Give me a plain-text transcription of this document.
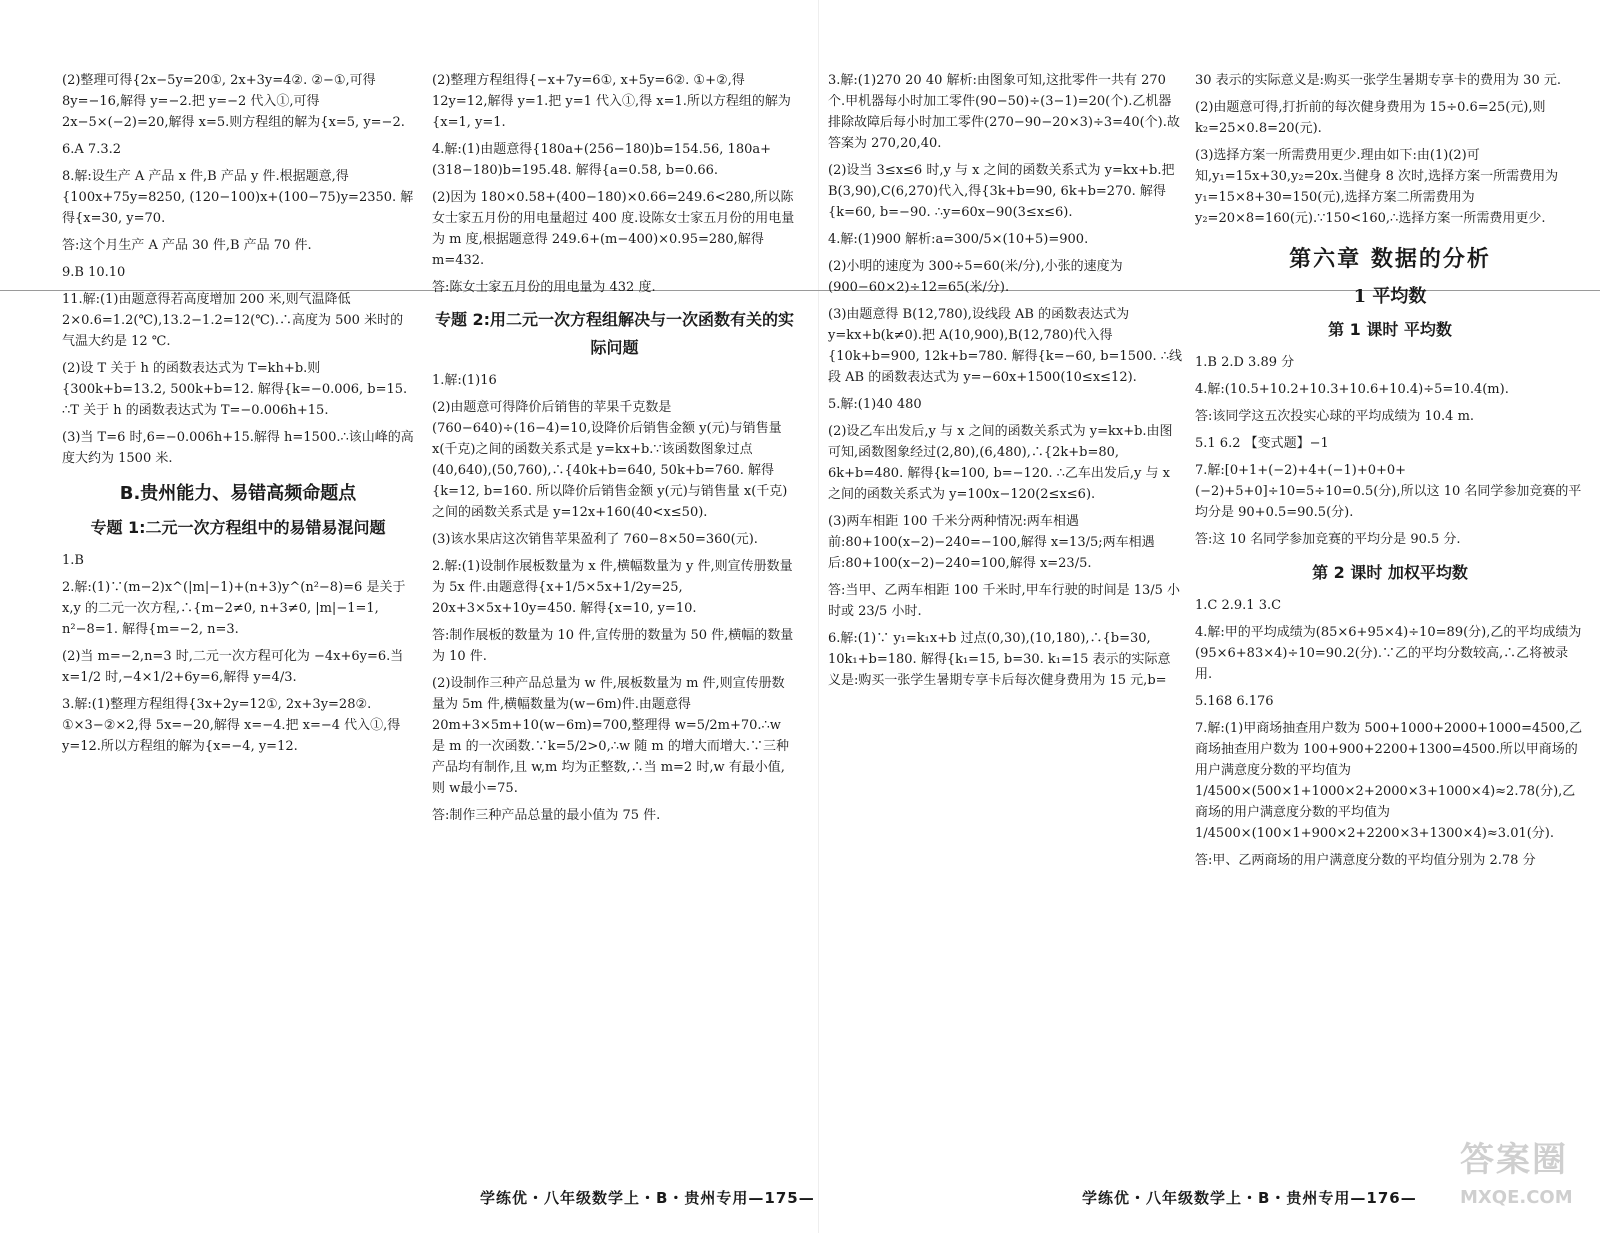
(2)整理可得{2x−5y=20①, 2x+3y=4②. ②−①,可得 8y=−16,解得 y=−2.把 y=−2 代入①,可得 2x−5×(−2)=20,解得 x=5.则方程组的解为{x=5, y=−2.

6.A 7.3.2

8.解:设生产 A 产品 x 件,B 产品 y 件.根据题意,得{100x+75y=8250, (120−100)x+(100−75)y=2350. 解得{x=30, y=70.

答:这个月生产 A 产品 30 件,B 产品 70 件.

9.B 10.10

11.解:(1)由题意得若高度增加 200 米,则气温降低 2×0.6=1.2(℃),13.2−1.2=12(℃).∴高度为 500 米时的气温大约是 12 ℃.

(2)设 T 关于 h 的函数表达式为 T=kh+b.则{300k+b=13.2, 500k+b=12. 解得{k=−0.006, b=15. ∴T 关于 h 的函数表达式为 T=−0.006h+15.

(3)当 T=6 时,6=−0.006h+15.解得 h=1500.∴该山峰的高度大约为 1500 米.

B.贵州能力、易错高频命题点

专题 1:二元一次方程组中的易错易混问题

1.B

2.解:(1)∵(m−2)x^(|m|−1)+(n+3)y^(n²−8)=6 是关于 x,y 的二元一次方程,∴{m−2≠0, n+3≠0, |m|−1=1, n²−8=1. 解得{m=−2, n=3.

(2)当 m=−2,n=3 时,二元一次方程可化为 −4x+6y=6.当 x=1/2 时,−4×1/2+6y=6,解得 y=4/3.

3.解:(1)整理方程组得{3x+2y=12①, 2x+3y=28②. ①×3−②×2,得 5x=−20,解得 x=−4.把 x=−4 代入①,得 y=12.所以方程组的解为{x=−4, y=12.

(2)整理方程组得{−x+7y=6①, x+5y=6②. ①+②,得 12y=12,解得 y=1.把 y=1 代入①,得 x=1.所以方程组的解为{x=1, y=1.

4.解:(1)由题意得{180a+(256−180)b=154.56, 180a+(318−180)b=195.48. 解得{a=0.58, b=0.66.

(2)因为 180×0.58+(400−180)×0.66=249.6<280,所以陈女士家五月份的用电量超过 400 度.设陈女士家五月份的用电量为 m 度,根据题意得 249.6+(m−400)×0.95=280,解得 m=432.

答:陈女士家五月份的用电量为 432 度.

专题 2:用二元一次方程组解决与一次函数有关的实际问题

1.解:(1)16

(2)由题意可得降价后销售的苹果千克数是(760−640)÷(16−4)=10,设降价后销售金额 y(元)与销售量 x(千克)之间的函数关系式是 y=kx+b.∵该函数图象过点(40,640),(50,760),∴{40k+b=640, 50k+b=760. 解得{k=12, b=160. 所以降价后销售金额 y(元)与销售量 x(千克)之间的函数关系式是 y=12x+160(40<x≤50).

(3)该水果店这次销售苹果盈利了 760−8×50=360(元).

2.解:(1)设制作展板数量为 x 件,横幅数量为 y 件,则宣传册数量为 5x 件.由题意得{x+1/5×5x+1/2y=25, 20x+3×5x+10y=450. 解得{x=10, y=10.

答:制作展板的数量为 10 件,宣传册的数量为 50 件,横幅的数量为 10 件.

(2)设制作三种产品总量为 w 件,展板数量为 m 件,则宣传册数量为 5m 件,横幅数量为(w−6m)件.由题意得 20m+3×5m+10(w−6m)=700,整理得 w=5/2m+70.∴w 是 m 的一次函数.∵k=5/2>0,∴w 随 m 的增大而增大.∵三种产品均有制作,且 w,m 均为正整数,∴当 m=2 时,w 有最小值,则 w最小=75.

答:制作三种产品总量的最小值为 75 件.

学练优・八年级数学上・B・贵州专用—175—

3.解:(1)270 20 40 解析:由图象可知,这批零件一共有 270 个.甲机器每小时加工零件(90−50)÷(3−1)=20(个).乙机器排除故障后每小时加工零件(270−90−20×3)÷3=40(个).故答案为 270,20,40.

(2)设当 3≤x≤6 时,y 与 x 之间的函数关系式为 y=kx+b.把 B(3,90),C(6,270)代入,得{3k+b=90, 6k+b=270. 解得{k=60, b=−90. ∴y=60x−90(3≤x≤6).

4.解:(1)900 解析:a=300/5×(10+5)=900.

(2)小明的速度为 300÷5=60(米/分),小张的速度为(900−60×2)÷12=65(米/分).

(3)由题意得 B(12,780),设线段 AB 的函数表达式为 y=kx+b(k≠0).把 A(10,900),B(12,780)代入得{10k+b=900, 12k+b=780. 解得{k=−60, b=1500. ∴线段 AB 的函数表达式为 y=−60x+1500(10≤x≤12).

5.解:(1)40 480

(2)设乙车出发后,y 与 x 之间的函数关系式为 y=kx+b.由图可知,函数图象经过(2,80),(6,480),∴{2k+b=80, 6k+b=480. 解得{k=100, b=−120. ∴乙车出发后,y 与 x 之间的函数关系式为 y=100x−120(2≤x≤6).

(3)两车相距 100 千米分两种情况:两车相遇前:80+100(x−2)−240=−100,解得 x=13/5;两车相遇后:80+100(x−2)−240=100,解得 x=23/5.

答:当甲、乙两车相距 100 千米时,甲车行驶的时间是 13/5 小时或 23/5 小时.

6.解:(1)∵ y₁=k₁x+b 过点(0,30),(10,180),∴{b=30, 10k₁+b=180. 解得{k₁=15, b=30. k₁=15 表示的实际意义是:购买一张学生暑期专享卡后每次健身费用为 15 元,b=

30 表示的实际意义是:购买一张学生暑期专享卡的费用为 30 元.

(2)由题意可得,打折前的每次健身费用为 15÷0.6=25(元),则 k₂=25×0.8=20(元).

(3)选择方案一所需费用更少.理由如下:由(1)(2)可知,y₁=15x+30,y₂=20x.当健身 8 次时,选择方案一所需费用为 y₁=15×8+30=150(元),选择方案二所需费用为 y₂=20×8=160(元).∵150<160,∴选择方案一所需费用更少.

第六章 数据的分析

1 平均数

第 1 课时 平均数

1.B 2.D 3.89 分

4.解:(10.5+10.2+10.3+10.6+10.4)÷5=10.4(m).

答:该同学这五次投实心球的平均成绩为 10.4 m.

5.1 6.2 【变式题】−1

7.解:[0+1+(−2)+4+(−1)+0+0+(−2)+5+0]÷10=5÷10=0.5(分),所以这 10 名同学参加竞赛的平均分是 90+0.5=90.5(分).

答:这 10 名同学参加竞赛的平均分是 90.5 分.

第 2 课时 加权平均数

1.C 2.9.1 3.C

4.解:甲的平均成绩为(85×6+95×4)÷10=89(分),乙的平均成绩为(95×6+83×4)÷10=90.2(分).∵乙的平均分数较高,∴乙将被录用.

5.168 6.176

7.解:(1)甲商场抽查用户数为 500+1000+2000+1000=4500,乙商场抽查用户数为 100+900+2200+1300=4500.所以甲商场的用户满意度分数的平均值为 1/4500×(500×1+1000×2+2000×3+1000×4)≈2.78(分),乙商场的用户满意度分数的平均值为 1/4500×(100×1+900×2+2200×3+1300×4)≈3.01(分).

答:甲、乙两商场的用户满意度分数的平均值分别为 2.78 分

学练优・八年级数学上・B・贵州专用—176—
答案圈
MXQE.COM
